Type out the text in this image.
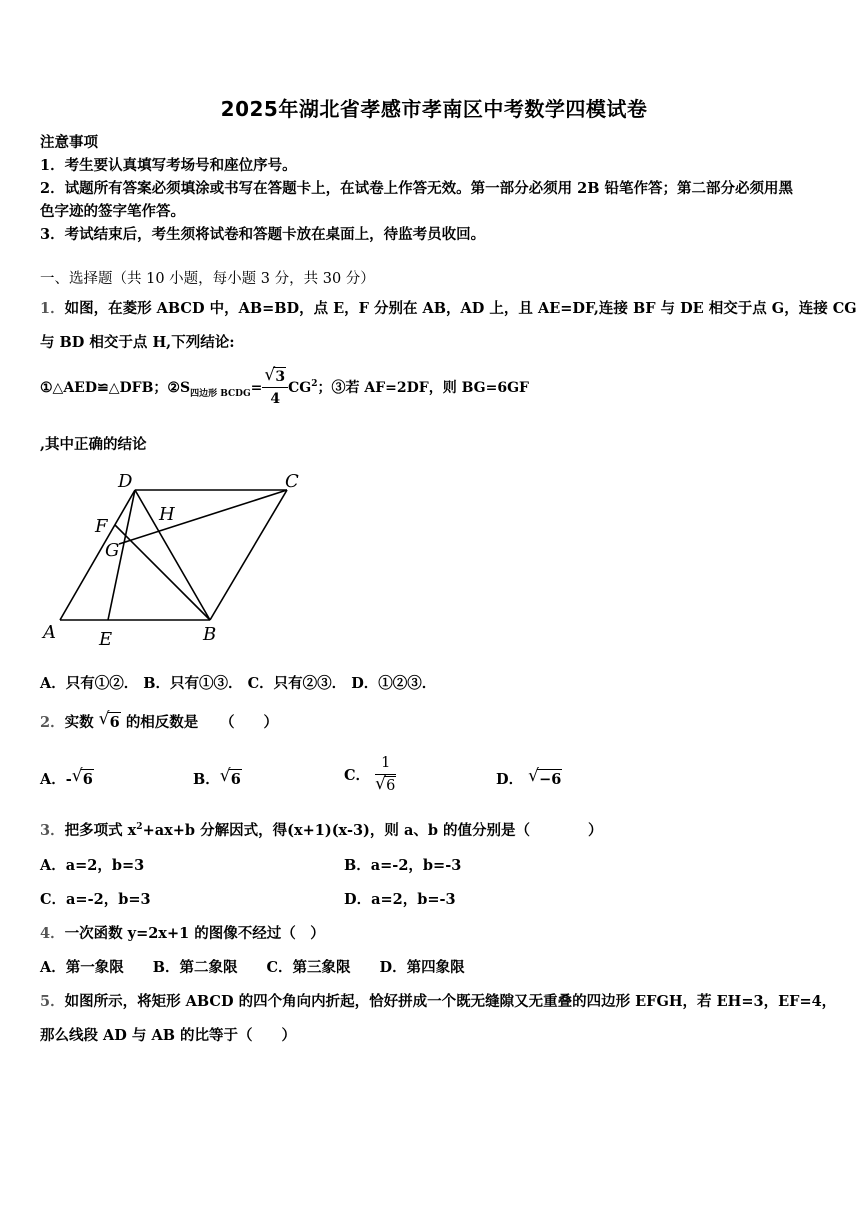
2025年湖北省孝感市孝南区中考数学四模试卷
注意事项
1．考生要认真填写考场号和座位序号。
2．试题所有答案必须填涂或书写在答题卡上，在试卷上作答无效。第一部分必须用 2B 铅笔作答；第二部分必须用黑
色字迹的签字笔作答。
3．考试结束后，考生须将试卷和答题卡放在桌面上，待监考员收回。
一、选择题（共 10 小题，每小题 3 分，共 30 分）
1．如图，在菱形 ABCD 中，AB=BD，点 E，F 分别在 AB，AD 上，且 AE=DF,连接 BF 与 DE 相交于点 G，连接 CG
与 BD 相交于点 H,下列结论:
①△AED≌△DFB；$②S_{四边形 BCDG}= \frac{√ 3}{4} CG^2$；③若 AF=2DF，则 BG=6GF
,其中正确的结论
D	C
F
H
G
A E	B
A．只有①②． B．只有①③． C．只有②③． D．①②③．
2．实数 √ 6 的相反数是　　（　　）
A．- √ 6	B． √ 6	C． $\frac{1}{√ 6}$	D． √ −6
3．把多项式 $x^2+ax+b$ 分解因式，得(x+1)(x-3)，则 a、b 的值分别是（　　　　）
A．a=2，b=3	B．a=-2，b=-3
C．a=-2，b=3	D．a=2，b=-3
4．一次函数 y=2x+1 的图像不经过（　）
A．第一象限　　B．第二象限　　C．第三象限　　D．第四象限
5．如图所示，将矩形 ABCD 的四个角向内折起，恰好拼成一个既无缝隙又无重叠的四边形 EFGH，若 EH=3，EF=4，
那么线段 AD 与 AB 的比等于（　　）
